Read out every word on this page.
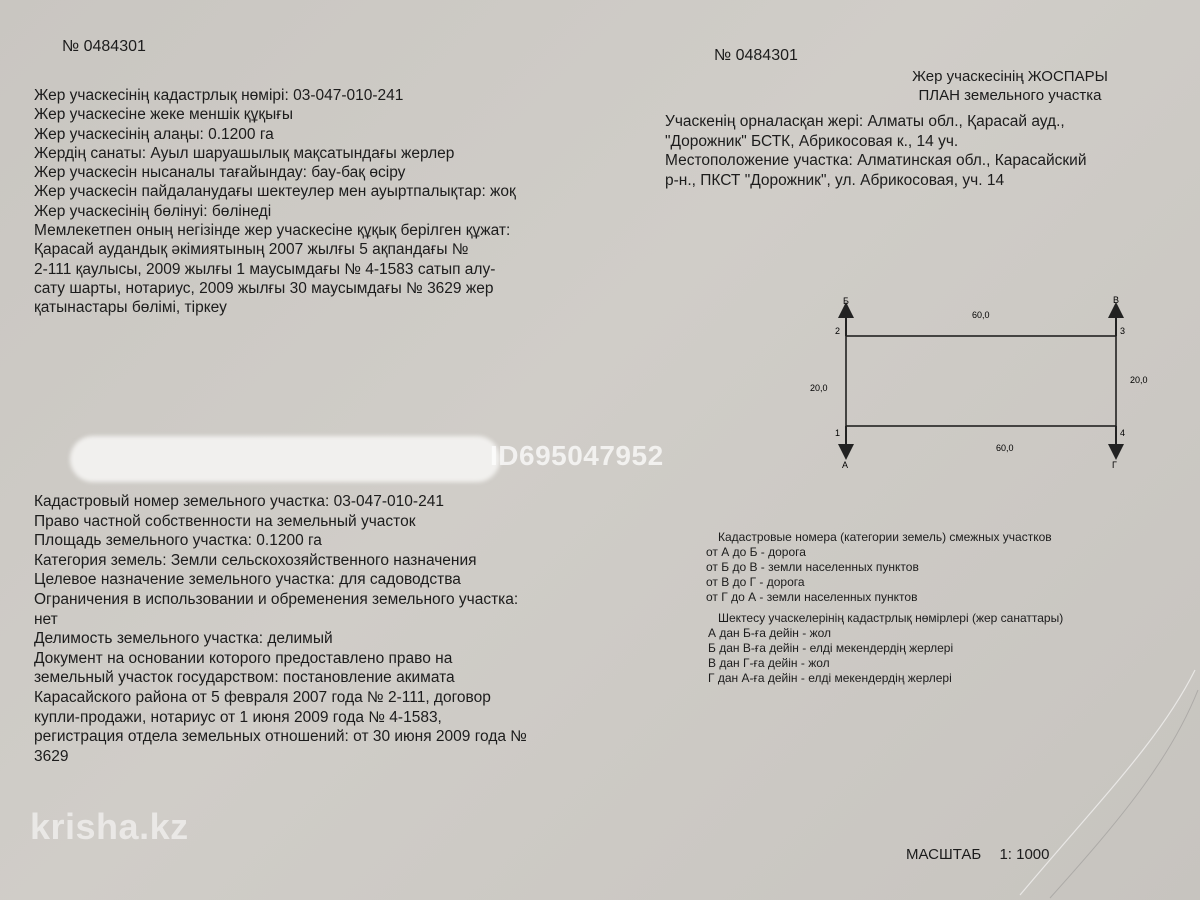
№ 0484301
№ 0484301
Жер учаскесінің кадастрлық нөмірі: 03-047-010-241
Жер учаскесіне жеке меншік құқығы
Жер учаскесінің алаңы: 0.1200 га
Жердің санаты: Ауыл шаруашылық мақсатындағы жерлер
Жер учаскесін нысаналы тағайындау: бау-бақ өсіру
Жер учаскесін пайдаланудағы шектеулер мен ауыртпалықтар: жоқ
Жер учаскесінің бөлінуі: бөлінеді
Мемлекетпен оның негізінде жер учаскесіне құқық берілген құжат:
Қарасай аудандық әкімиятының 2007 жылғы 5 ақпандағы №
2-111 қаулысы, 2009 жылғы 1 маусымдағы № 4-1583 сатып алу-
сату шарты, нотариус, 2009 жылғы 30 маусымдағы № 3629 жер
қатынастары бөлімі, тіркеу
Жер учаскесінің ЖОСПАРЫ
ПЛАН земельного участка
Учаскенің орналасқан жері: Алматы обл., Қарасай ауд.,
"Дорожник" БСТК, Абрикосовая к., 14 уч.
Местоположение участка: Алматинская обл., Карасайский
р-н., ПКСТ "Дорожник", ул. Абрикосовая, уч. 14
Б	В
А	Г
2	3
1	4
60,0
60,0
20,0
20,0
ID695047952
Кадастровый номер земельного участка: 03-047-010-241
Право частной собственности на земельный участок
Площадь земельного участка: 0.1200 га
Категория земель: Земли сельскохозяйственного назначения
Целевое назначение земельного участка: для садоводства
Ограничения в использовании и обременения земельного участка:
нет
Делимость земельного участка: делимый
Документ на основании которого предоставлено право на
земельный участок государством: постановление акимата
Карасайского района от 5 февраля 2007 года № 2-111, договор
купли-продажи, нотариус от 1 июня 2009 года № 4-1583,
регистрация отдела земельных отношений: от 30 июня 2009 года №
3629
Кадастровые номера (категории земель) смежных участков
от А до Б - дорога
от Б до В - земли населенных пунктов
от В до Г - дорога
от Г до А - земли населенных пунктов
Шектесу учаскелерінің кадастрлық нөмірлері (жер санаттары)
А дан Б-ға дейін - жол
Б дан В-ға дейін - елді мекендердің жерлері
В дан Г-ға дейін - жол
Г дан А-ға дейін - елді мекендердің жерлері
МАСШТАБ 1: 1000
krisha.kz
